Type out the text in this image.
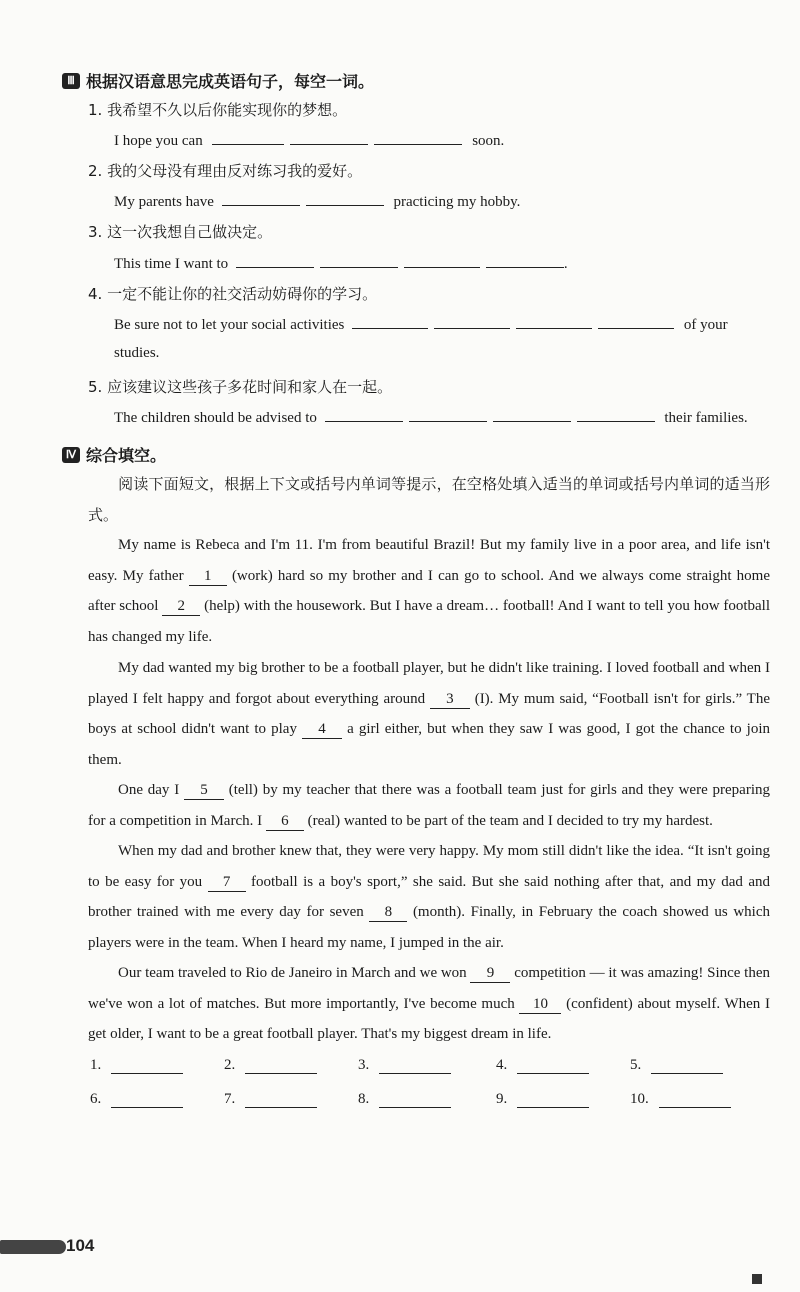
Ⅲ 根据汉语意思完成英语句子，每空一词。
1. 我希望不久以后你能实现你的梦想。
I hope you can	soon.
2. 我的父母没有理由反对练习我的爱好。
My parents have	practicing my hobby.
3. 这一次我想自己做决定。
This time I want to	.
4. 一定不能让你的社交活动妨碍你的学习。
Be sure not to let your social activities	of your
studies.
5. 应该建议这些孩子多花时间和家人在一起。
The children should be advised to	their families.
Ⅳ 综合填空。
阅读下面短文，根据上下文或括号内单词等提示，在空格处填入适当的单词或括号内单词的适当形式。
My name is Rebeca and I'm 11. I'm from beautiful Brazil! But my family live in a poor area, and life isn't easy. My father 1 (work) hard so my brother and I can go to school. And we always come straight home after school 2 (help) with the housework. But I have a dream… football! And I want to tell you how football has changed my life.
My dad wanted my big brother to be a football player, but he didn't like training. I loved football and when I played I felt happy and forgot about everything around 3 (I). My mum said, “Football isn't for girls.” The boys at school didn't want to play 4 a girl either, but when they saw I was good, I got the chance to join them.
One day I 5 (tell) by my teacher that there was a football team just for girls and they were preparing for a competition in March. I 6 (real) wanted to be part of the team and I decided to try my hardest.
When my dad and brother knew that, they were very happy. My mom still didn't like the idea. “It isn't going to be easy for you 7 football is a boy's sport,” she said. But she said nothing after that, and my dad and brother trained with me every day for seven 8 (month). Finally, in February the coach showed us which players were in the team. When I heard my name, I jumped in the air.
Our team traveled to Rio de Janeiro in March and we won 9 competition — it was amazing! Since then we've won a lot of matches. But more importantly, I've become much 10 (confident) about myself. When I get older, I want to be a great football player. That's my biggest dream in life.
1.	2.	3.	4.	5.
6.	7.	8.	9.	10.
104
